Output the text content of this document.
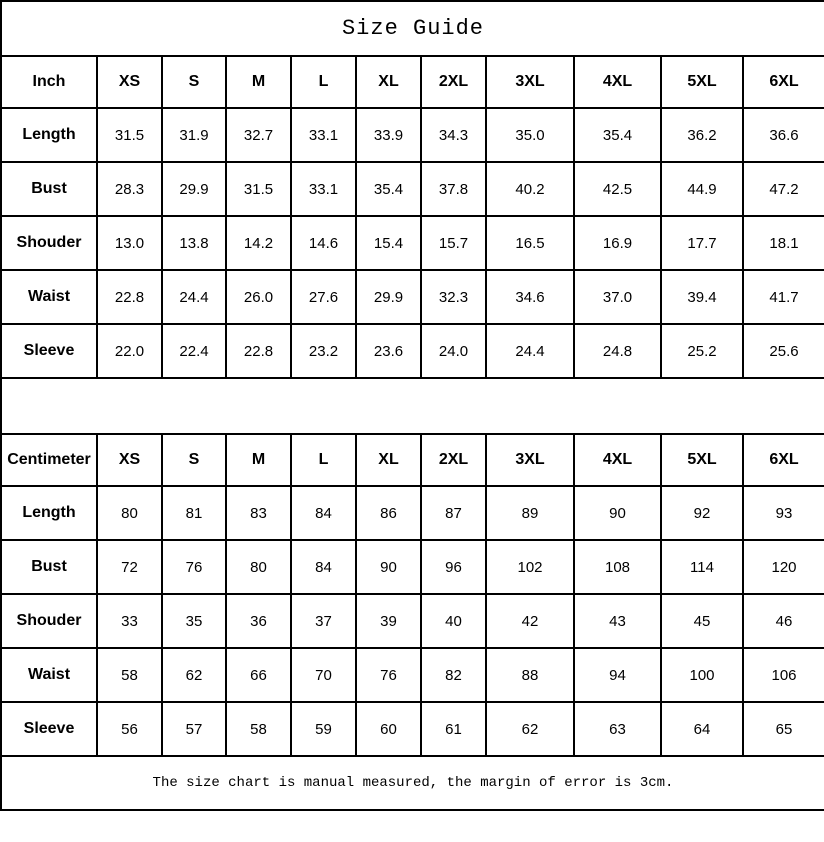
Size Guide										
Inch	XS	S	M	L	XL	2XL	3XL	4XL	5XL	6XL
Length	31.5	31.9	32.7	33.1	33.9	34.3	35.0	35.4	36.2	36.6
Bust	28.3	29.9	31.5	33.1	35.4	37.8	40.2	42.5	44.9	47.2
Shouder	13.0	13.8	14.2	14.6	15.4	15.7	16.5	16.9	17.7	18.1
Waist	22.8	24.4	26.0	27.6	29.9	32.3	34.6	37.0	39.4	41.7
Sleeve	22.0	22.4	22.8	23.2	23.6	24.0	24.4	24.8	25.2	25.6

Centimeter	XS	S	M	L	XL	2XL	3XL	4XL	5XL	6XL
Length	80	81	83	84	86	87	89	90	92	93
Bust	72	76	80	84	90	96	102	108	114	120
Shouder	33	35	36	37	39	40	42	43	45	46
Waist	58	62	66	70	76	82	88	94	100	106
Sleeve	56	57	58	59	60	61	62	63	64	65
The size chart is manual measured, the margin of error is 3cm.										
